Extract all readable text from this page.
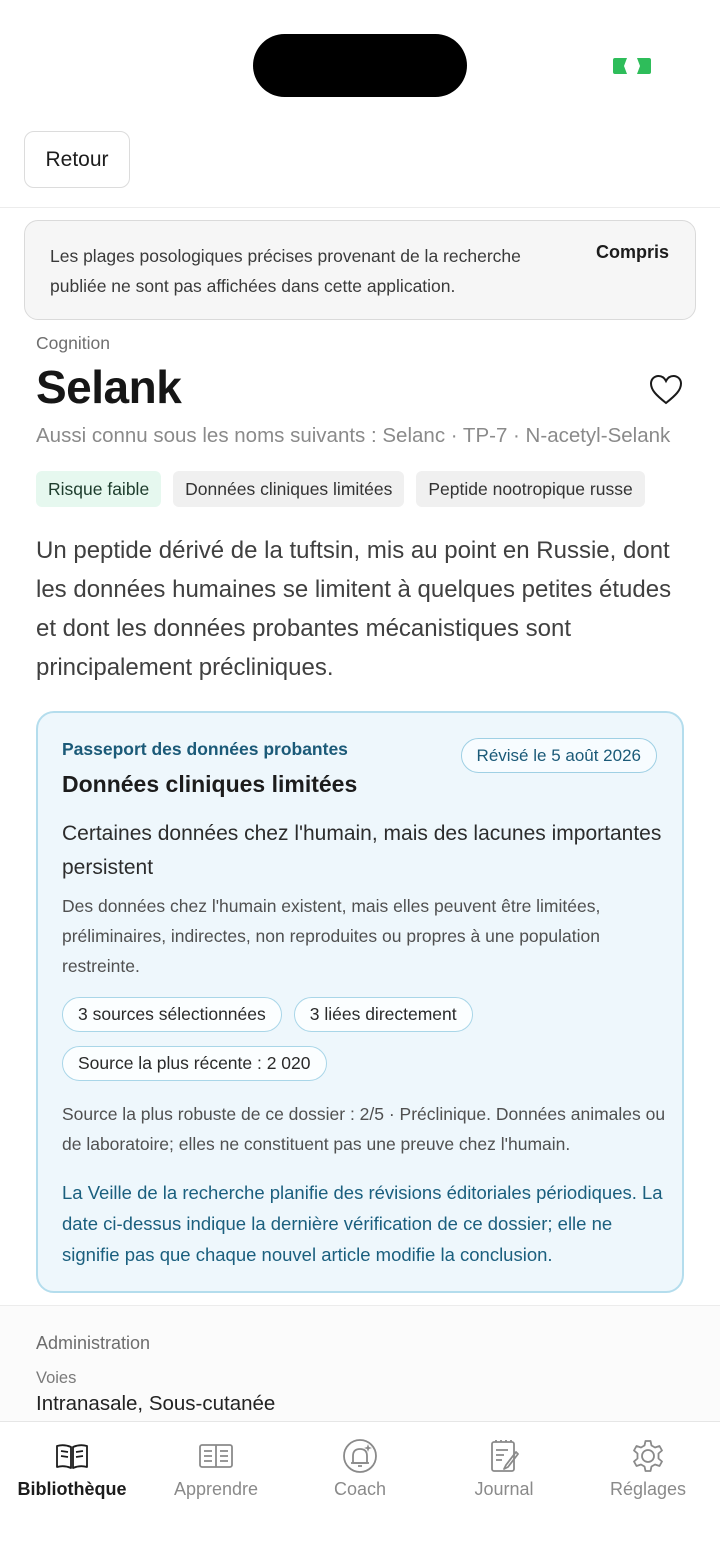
Retour
Les plages posologiques précises provenant de la recherche publiée ne sont pas affichées dans cette application.
Compris
Cognition
Selank
Aussi connu sous les noms suivants : Selanc · TP-7 · N-acetyl-Selank
Risque faible	Données cliniques limitées	Peptide nootropique russe
Un peptide dérivé de la tuftsin, mis au point en Russie, dont les données humaines se limitent à quelques petites études et dont les données probantes mécanistiques sont principalement précliniques.
Passeport des données probantes	Révisé le 5 août 2026
Données cliniques limitées
Certaines données chez l'humain, mais des lacunes importantes persistent
Des données chez l'humain existent, mais elles peuvent être limitées, préliminaires, indirectes, non reproduites ou propres à une population restreinte.
3 sources sélectionnées	3 liées directement
Source la plus récente : 2 020
Source la plus robuste de ce dossier : 2/5 · Préclinique. Données animales ou de laboratoire; elles ne constituent pas une preuve chez l'humain.
La Veille de la recherche planifie des révisions éditoriales périodiques. La date ci-dessus indique la dernière vérification de ce dossier; elle ne signifie pas que chaque nouvel article modifie la conclusion.
Administration
Voies
Intranasale, Sous-cutanée
Bibliothèque	Apprendre	Coach	Journal	Réglages
